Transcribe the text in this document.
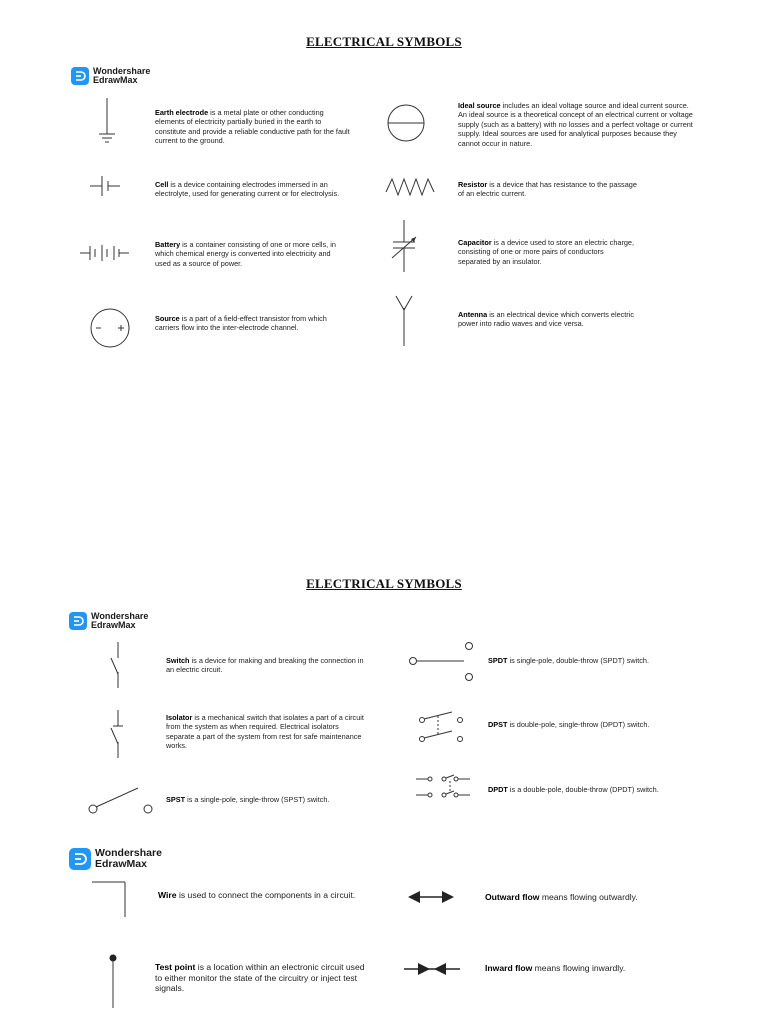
ELECTRICAL SYMBOLS
Wondershare
EdrawMax
Earth electrode is a metal plate or other conducting elements of electricity partially buried in the earth to constitute and provide a reliable conductive path for the fault current to the ground.
Cell is a device containing electrodes immersed in an electrolyte, used for generating current or for electrolysis.
Battery is a container consisting of one or more cells, in which chemical energy is converted into electricity and used as a source of power.
Source is a part of a field-effect transistor from which carriers flow into the inter-electrode channel.
Ideal source includes an ideal voltage source and ideal current source. An ideal source is a theoretical concept of an electrical current or voltage supply (such as a battery) with no losses and a perfect voltage or current supply. Ideal sources are used for analytical purposes because they cannot occur in nature.
Resistor is a device that has resistance to the passage of an electric current.
Capacitor is a device used to store an electric charge, consisting of one or more pairs of conductors separated by an insulator.
Antenna is an electrical device which converts electric power into radio waves and vice versa.
ELECTRICAL SYMBOLS
Wondershare
EdrawMax
Switch is a device for making and breaking the connection in an electric circuit.
Isolator is a mechanical switch that isolates a part of a circuit from the system as when required. Electrical isolators separate a part of the system from rest for safe maintenance works.
SPST is a single-pole, single-throw (SPST) switch.
SPDT is single-pole, double-throw (SPDT) switch.
DPST is double-pole, single-throw (DPDT) switch.
DPDT is a double-pole, double-throw (DPDT) switch.
Wondershare
EdrawMax
Wire is used to connect the components in a circuit.
Test point is a location within an electronic circuit used to either monitor the state of the circuitry or inject test signals.
Outward flow means flowing outwardly.
Inward flow means flowing inwardly.
